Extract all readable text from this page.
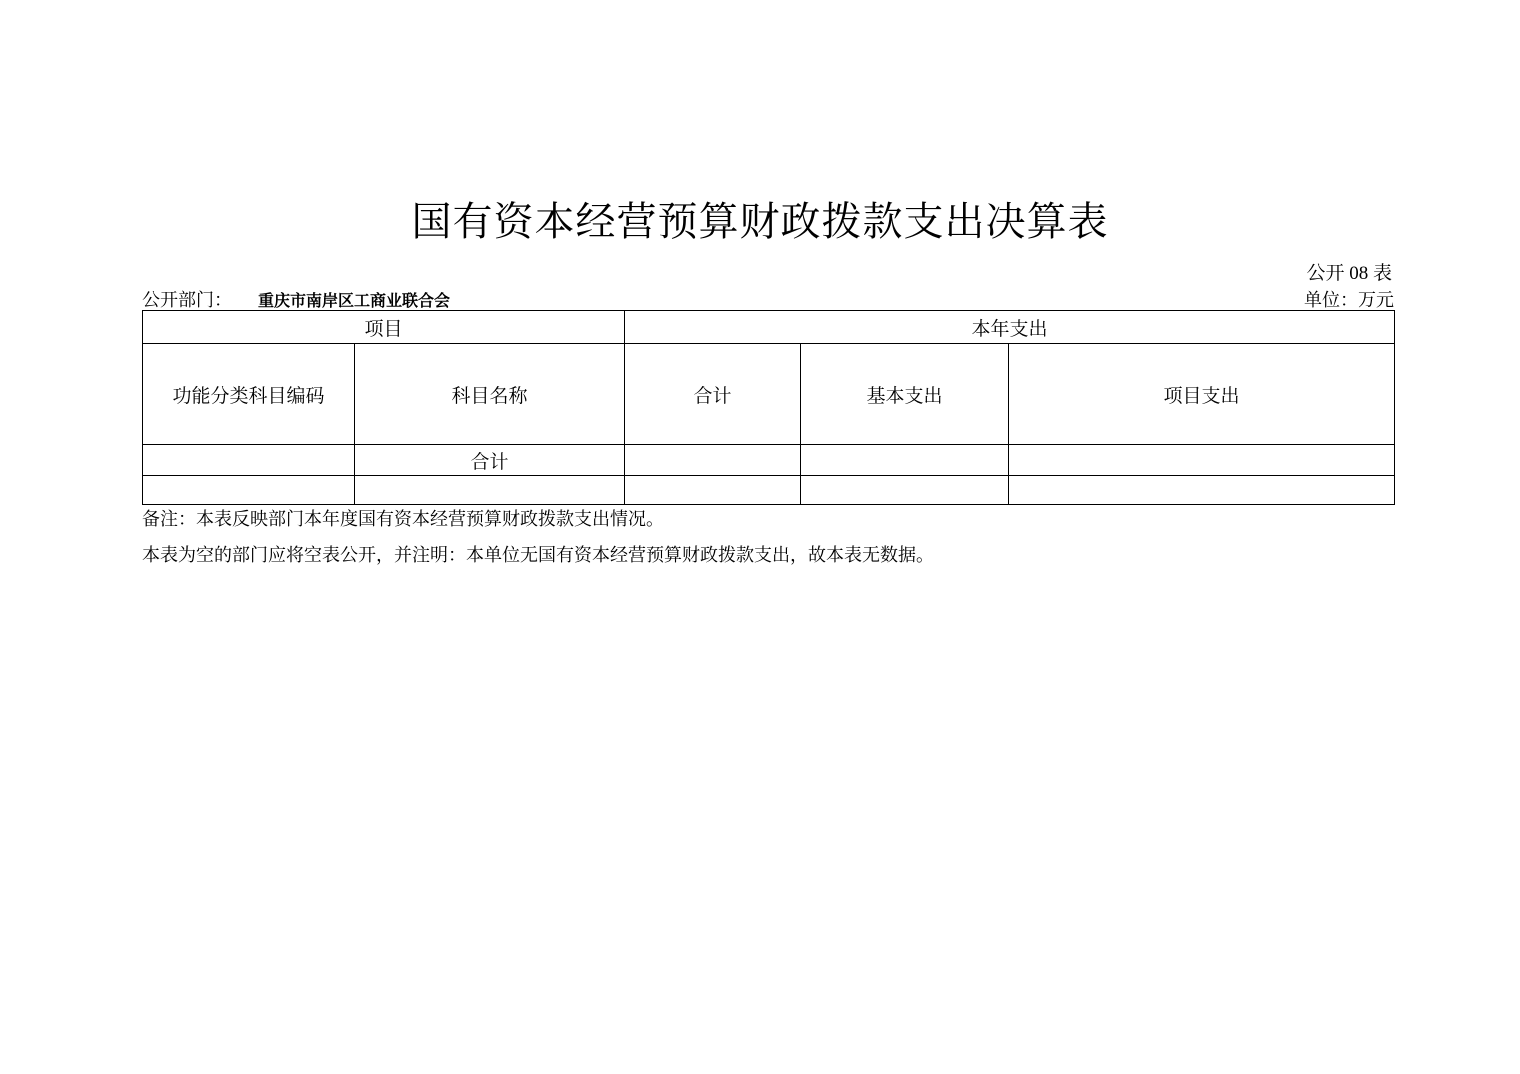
国有资本经营预算财政拨款支出决算表
公开 08 表
公开部门： 重庆市南岸区工商业联合会	单位：万元
项目		本年支出		
功能分类科目编码	科目名称	合计	基本支出	项目支出
	合计			

备注：本表反映部门本年度国有资本经营预算财政拨款支出情况。
本表为空的部门应将空表公开，并注明：本单位无国有资本经营预算财政拨款支出，故本表无数据。
